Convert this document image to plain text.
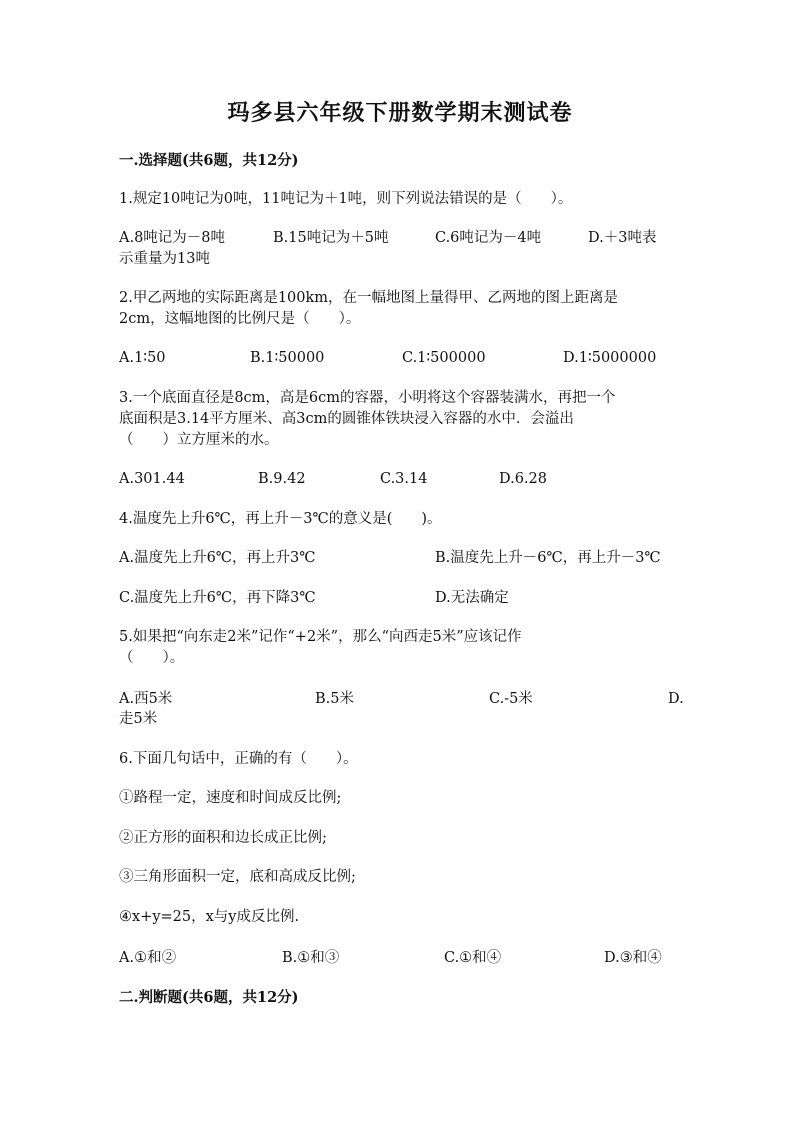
玛多县六年级下册数学期末测试卷
一.选择题(共6题，共12分)
1.规定10吨记为0吨，11吨记为＋1吨，则下列说法错误的是（　　）。
A.8吨记为－8吨	B.15吨记为＋5吨	C.6吨记为－4吨	D.＋3吨表
示重量为13吨
2.甲乙两地的实际距离是100km，在一幅地图上量得甲、乙两地的图上距离是
2cm，这幅地图的比例尺是（　　）。
A.1∶50	B.1∶50000	C.1∶500000	D.1∶5000000
3.一个底面直径是8cm，高是6cm的容器，小明将这个容器装满水，再把一个
底面积是3.14平方厘米、高3cm的圆锥体铁块浸入容器的水中．会溢出
（　　）立方厘米的水。
A.301.44	B.9.42	C.3.14	D.6.28
4.温度先上升6℃，再上升－3℃的意义是(　　)。
A.温度先上升6℃，再上升3℃	B.温度先上升－6℃，再上升－3℃
C.温度先上升6℃，再下降3℃	D.无法确定
5.如果把“向东走2米”记作“+2米”，那么“向西走5米”应该记作
（　　）。
A.西5米	B.5米	C.-5米	D.
走5米
6.下面几句话中，正确的有（　　）。
①路程一定，速度和时间成反比例;
②正方形的面积和边长成正比例;
③三角形面积一定，底和高成反比例;
④x+y=25，x与y成反比例.
A.①和②	B.①和③	C.①和④	D.③和④
二.判断题(共6题，共12分)
